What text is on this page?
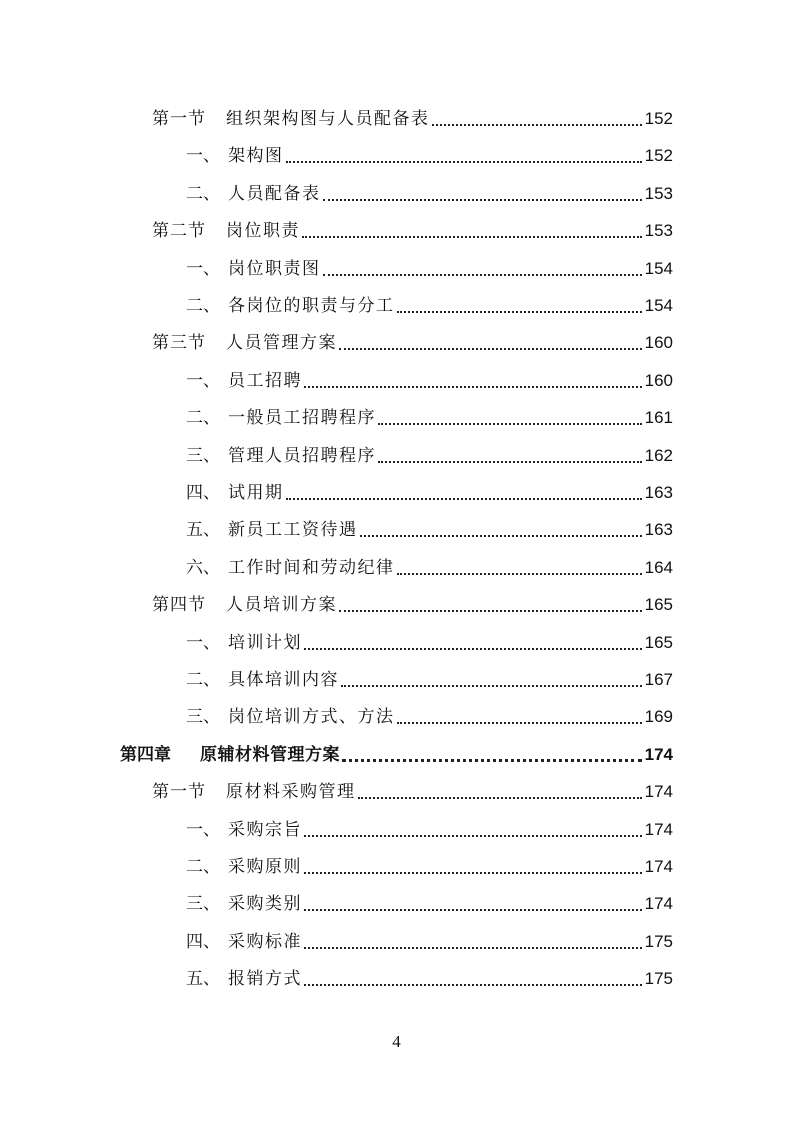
第一节	组织架构图与人员配备表	152
一、 架构图	152
二、 人员配备表	153
第二节	岗位职责	153
一、 岗位职责图	154
二、 各岗位的职责与分工	154
第三节	人员管理方案	160
一、 员工招聘	160
二、 一般员工招聘程序	161
三、 管理人员招聘程序	162
四、 试用期	163
五、 新员工工资待遇	163
六、 工作时间和劳动纪律	164
第四节	人员培训方案	165
一、 培训计划	165
二、 具体培训内容	167
三、 岗位培训方式、方法	169
第四章	原辅材料管理方案	174
第一节	原材料采购管理	174
一、 采购宗旨	174
二、 采购原则	174
三、 采购类别	174
四、 采购标准	175
五、 报销方式	175
4
